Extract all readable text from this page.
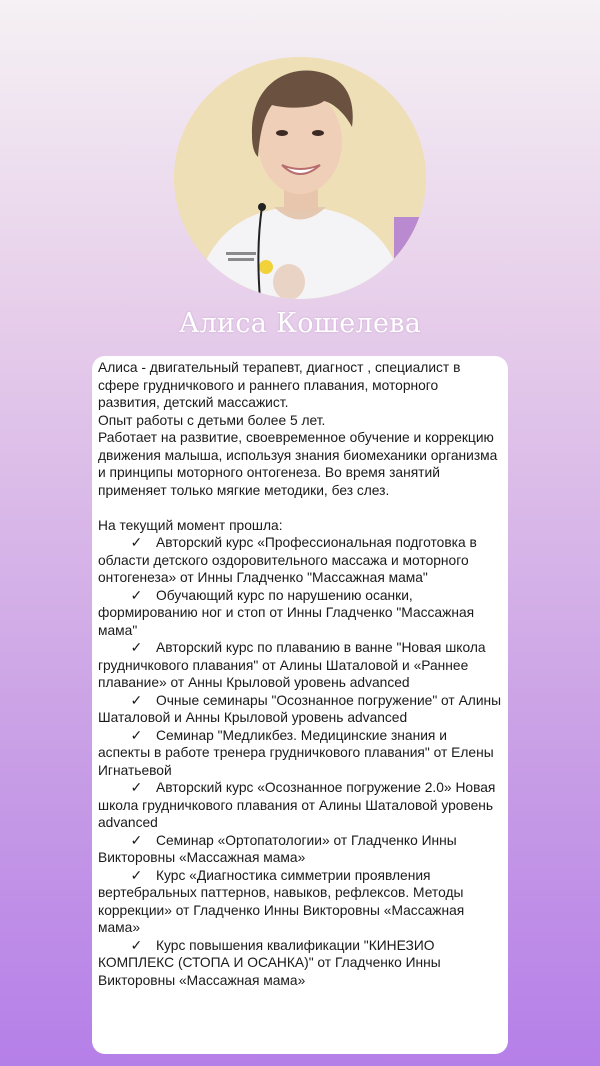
Алиса Кошелева

Алиса - двигательный терапевт, диагност , специалист в сфере грудничкового и раннего плавания, моторного развития, детский массажист.

Опыт работы с детьми более 5 лет.

Работает на развитие, своевременное обучение и коррекцию движения малыша, используя знания биомеханики организма и принципы моторного онтогенеза. Во время занятий применяет только мягкие методики, без слез.

На текущий момент прошла:

✓ Авторский курс «Профессиональная подготовка в области детского оздоровительного массажа и моторного онтогенеза» от Инны Гладченко "Массажная мама"

✓ Обучающий курс по нарушению осанки, формированию ног и стоп от Инны Гладченко "Массажная мама"

✓ Авторский курс по плаванию в ванне "Новая школа грудничкового плавания" от Алины Шаталовой и «Раннее плавание» от Анны Крыловой уровень advanced

✓ Очные семинары "Осознанное погружение" от Алины Шаталовой и Анны Крыловой уровень advanced

✓ Семинар "Медликбез. Медицинские знания и аспекты в работе тренера грудничкового плавания" от Елены Игнатьевой

✓ Авторский курс «Осознанное погружение 2.0» Новая школа грудничкового плавания от Алины Шаталовой уровень advanced

✓ Семинар «Ортопатологии» от Гладченко Инны Викторовны «Массажная мама»

✓ Курс «Диагностика симметрии проявления вертебральных паттернов, навыков, рефлексов. Методы коррекции» от Гладченко Инны Викторовны «Массажная мама»

✓ Курс повышения квалификации "КИНЕЗИО КОМПЛЕКС (СТОПА И ОСАНКА)" от Гладченко Инны Викторовны «Массажная мама»
